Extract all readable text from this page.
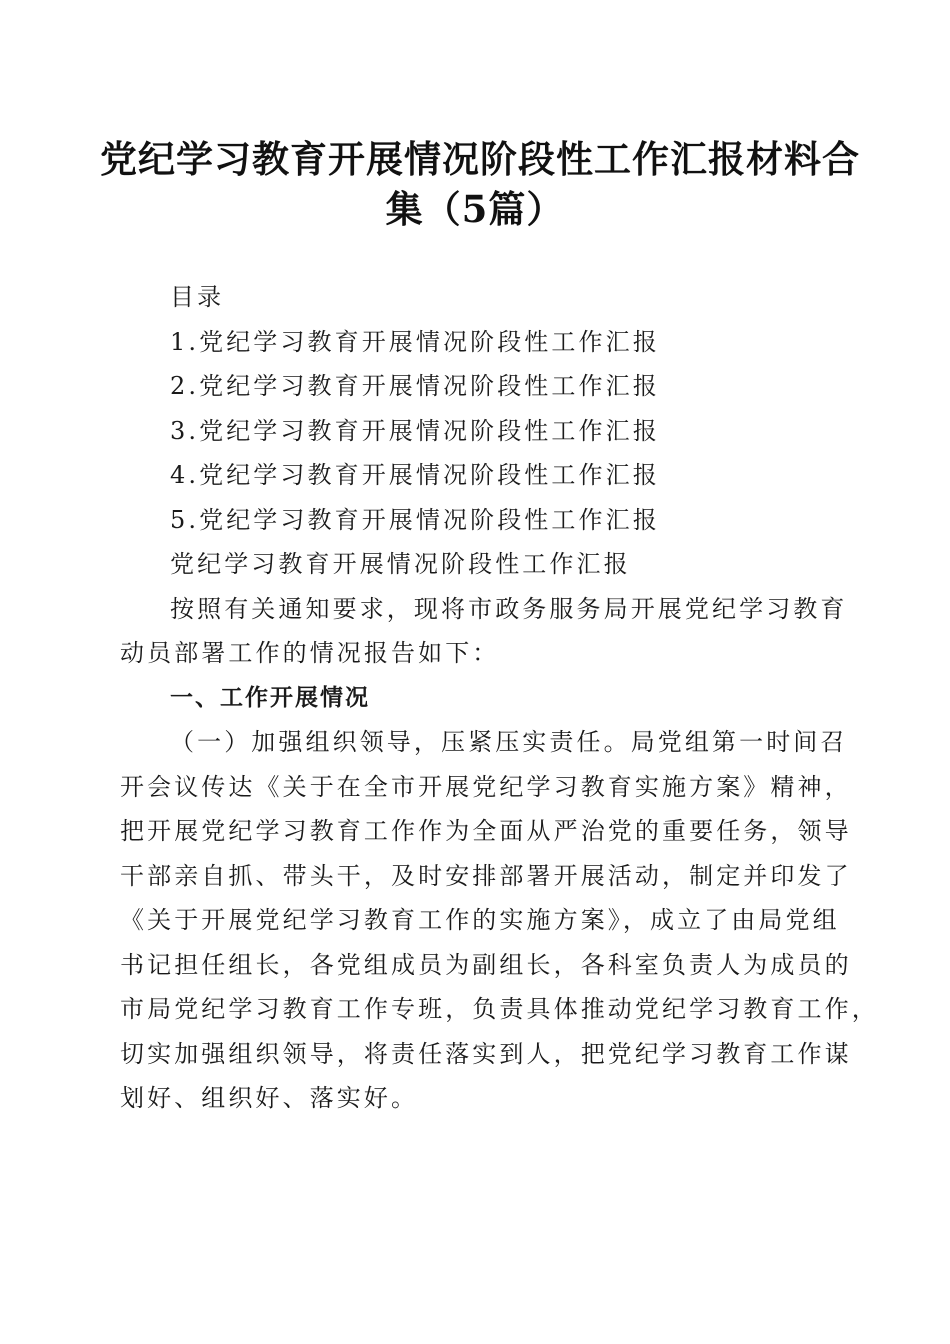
党纪学习教育开展情况阶段性工作汇报材料合
集（5篇）
目录
1.党纪学习教育开展情况阶段性工作汇报
2.党纪学习教育开展情况阶段性工作汇报
3.党纪学习教育开展情况阶段性工作汇报
4.党纪学习教育开展情况阶段性工作汇报
5.党纪学习教育开展情况阶段性工作汇报
党纪学习教育开展情况阶段性工作汇报
按照有关通知要求，现将市政务服务局开展党纪学习教育
动员部署工作的情况报告如下：
一、工作开展情况
（一）加强组织领导，压紧压实责任。局党组第一时间召
开会议传达《关于在全市开展党纪学习教育实施方案》精神，
把开展党纪学习教育工作作为全面从严治党的重要任务，领导
干部亲自抓、带头干，及时安排部署开展活动，制定并印发了
《关于开展党纪学习教育工作的实施方案》，成立了由局党组
书记担任组长，各党组成员为副组长，各科室负责人为成员的
市局党纪学习教育工作专班，负责具体推动党纪学习教育工作，
切实加强组织领导，将责任落实到人，把党纪学习教育工作谋
划好、组织好、落实好。
